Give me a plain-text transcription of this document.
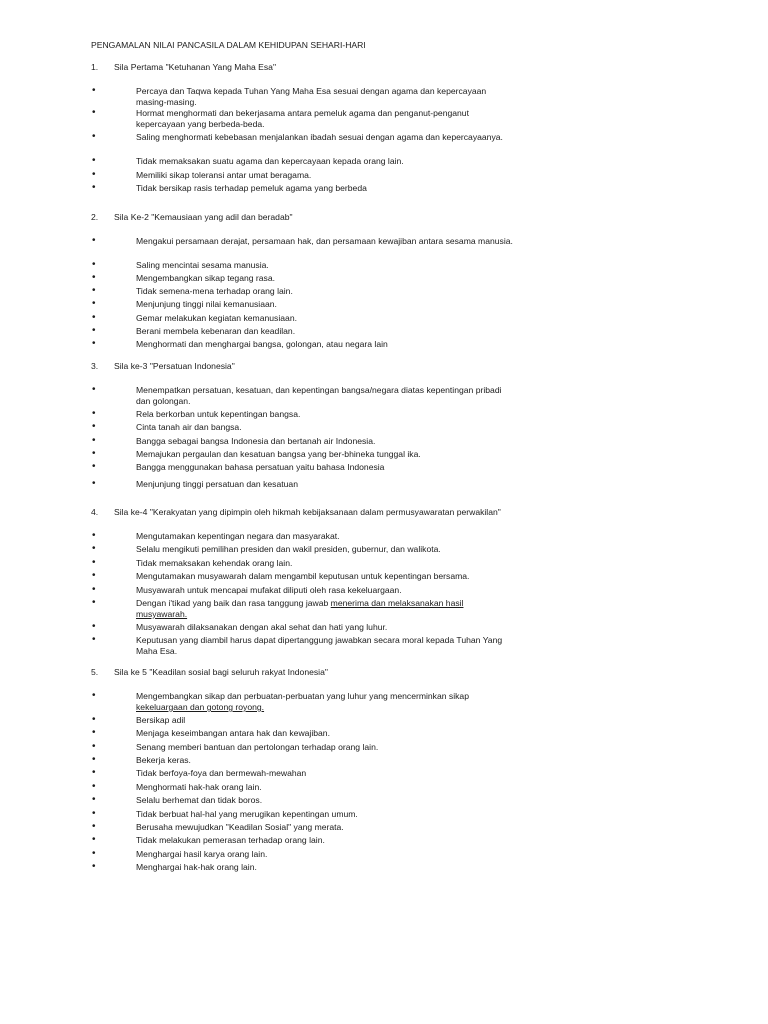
PENGAMALAN NILAI PANCASILA DALAM KEHIDUPAN SEHARI-HARI
1. Sila Pertama "Ketuhanan Yang Maha Esa"
•	Percaya dan Taqwa kepada Tuhan Yang Maha Esa sesuai dengan agama dan kepercayaan masing-masing.
•	Hormat menghormati dan bekerjasama antara pemeluk agama dan penganut-penganut kepercayaan yang berbeda-beda.
•	Saling menghormati kebebasan menjalankan ibadah sesuai dengan agama dan kepercayaanya.
•	Tidak memaksakan suatu agama dan kepercayaan kepada orang lain.
•	Memiliki sikap toleransi antar umat beragama.
•	Tidak bersikap rasis terhadap pemeluk agama yang berbeda
2. Sila Ke-2 "Kemausiaan yang adil dan beradab"
•	Mengakui persamaan derajat, persamaan hak, dan persamaan kewajiban antara sesama manusia.
•	Saling mencintai sesama manusia.
•	Mengembangkan sikap tegang rasa.
•	Tidak semena-mena terhadap orang lain.
•	Menjunjung tinggi nilai kemanusiaan.
•	Gemar melakukan kegiatan kemanusiaan.
•	Berani membela kebenaran dan keadilan.
•	Menghormati dan menghargai bangsa, golongan, atau negara lain
3. Sila ke-3 "Persatuan Indonesia"
•	Menempatkan persatuan, kesatuan, dan kepentingan bangsa/negara diatas kepentingan pribadi dan golongan.
•	Rela berkorban untuk kepentingan bangsa.
•	Cinta tanah air dan bangsa.
•	Bangga sebagai bangsa Indonesia dan bertanah air Indonesia.
•	Memajukan pergaulan dan kesatuan bangsa yang ber-bhineka tunggal ika.
•	Bangga menggunakan bahasa persatuan yaitu bahasa Indonesia
•	Menjunjung tinggi persatuan dan kesatuan
4. Sila ke-4 "Kerakyatan yang dipimpin oleh hikmah kebijaksanaan dalam permusyawaratan perwakilan"
•	Mengutamakan kepentingan negara dan masyarakat.
•	Selalu mengikuti pemilihan presiden dan wakil presiden, gubernur, dan walikota.
•	Tidak memaksakan kehendak orang lain.
•	Mengutamakan musyawarah dalam mengambil keputusan untuk kepentingan bersama.
•	Musyawarah untuk mencapai mufakat diliputi oleh rasa kekeluargaan.
•	Dengan i'tikad yang baik dan rasa tanggung jawab menerima dan melaksanakan hasil musyawarah.
•	Musyawarah dilaksanakan dengan akal sehat dan hati yang luhur.
•	Keputusan yang diambil harus dapat dipertanggung jawabkan secara moral kepada Tuhan Yang Maha Esa.
5. Sila ke 5 "Keadilan sosial bagi seluruh rakyat Indonesia"
•	Mengembangkan sikap dan perbuatan-perbuatan yang luhur yang mencerminkan sikap kekeluargaan dan gotong royong.
•	Bersikap adil
•	Menjaga keseimbangan antara hak dan kewajiban.
•	Senang memberi bantuan dan pertolongan terhadap orang lain.
•	Bekerja keras.
•	Tidak berfoya-foya dan bermewah-mewahan
•	Menghormati hak-hak orang lain.
•	Selalu berhemat dan tidak boros.
•	Tidak berbuat hal-hal yang merugikan kepentingan umum.
•	Berusaha mewujudkan "Keadilan Sosial" yang merata.
•	Tidak melakukan pemerasan terhadap orang lain.
•	Menghargai hasil karya orang lain.
•	Menghargai hak-hak orang lain.
